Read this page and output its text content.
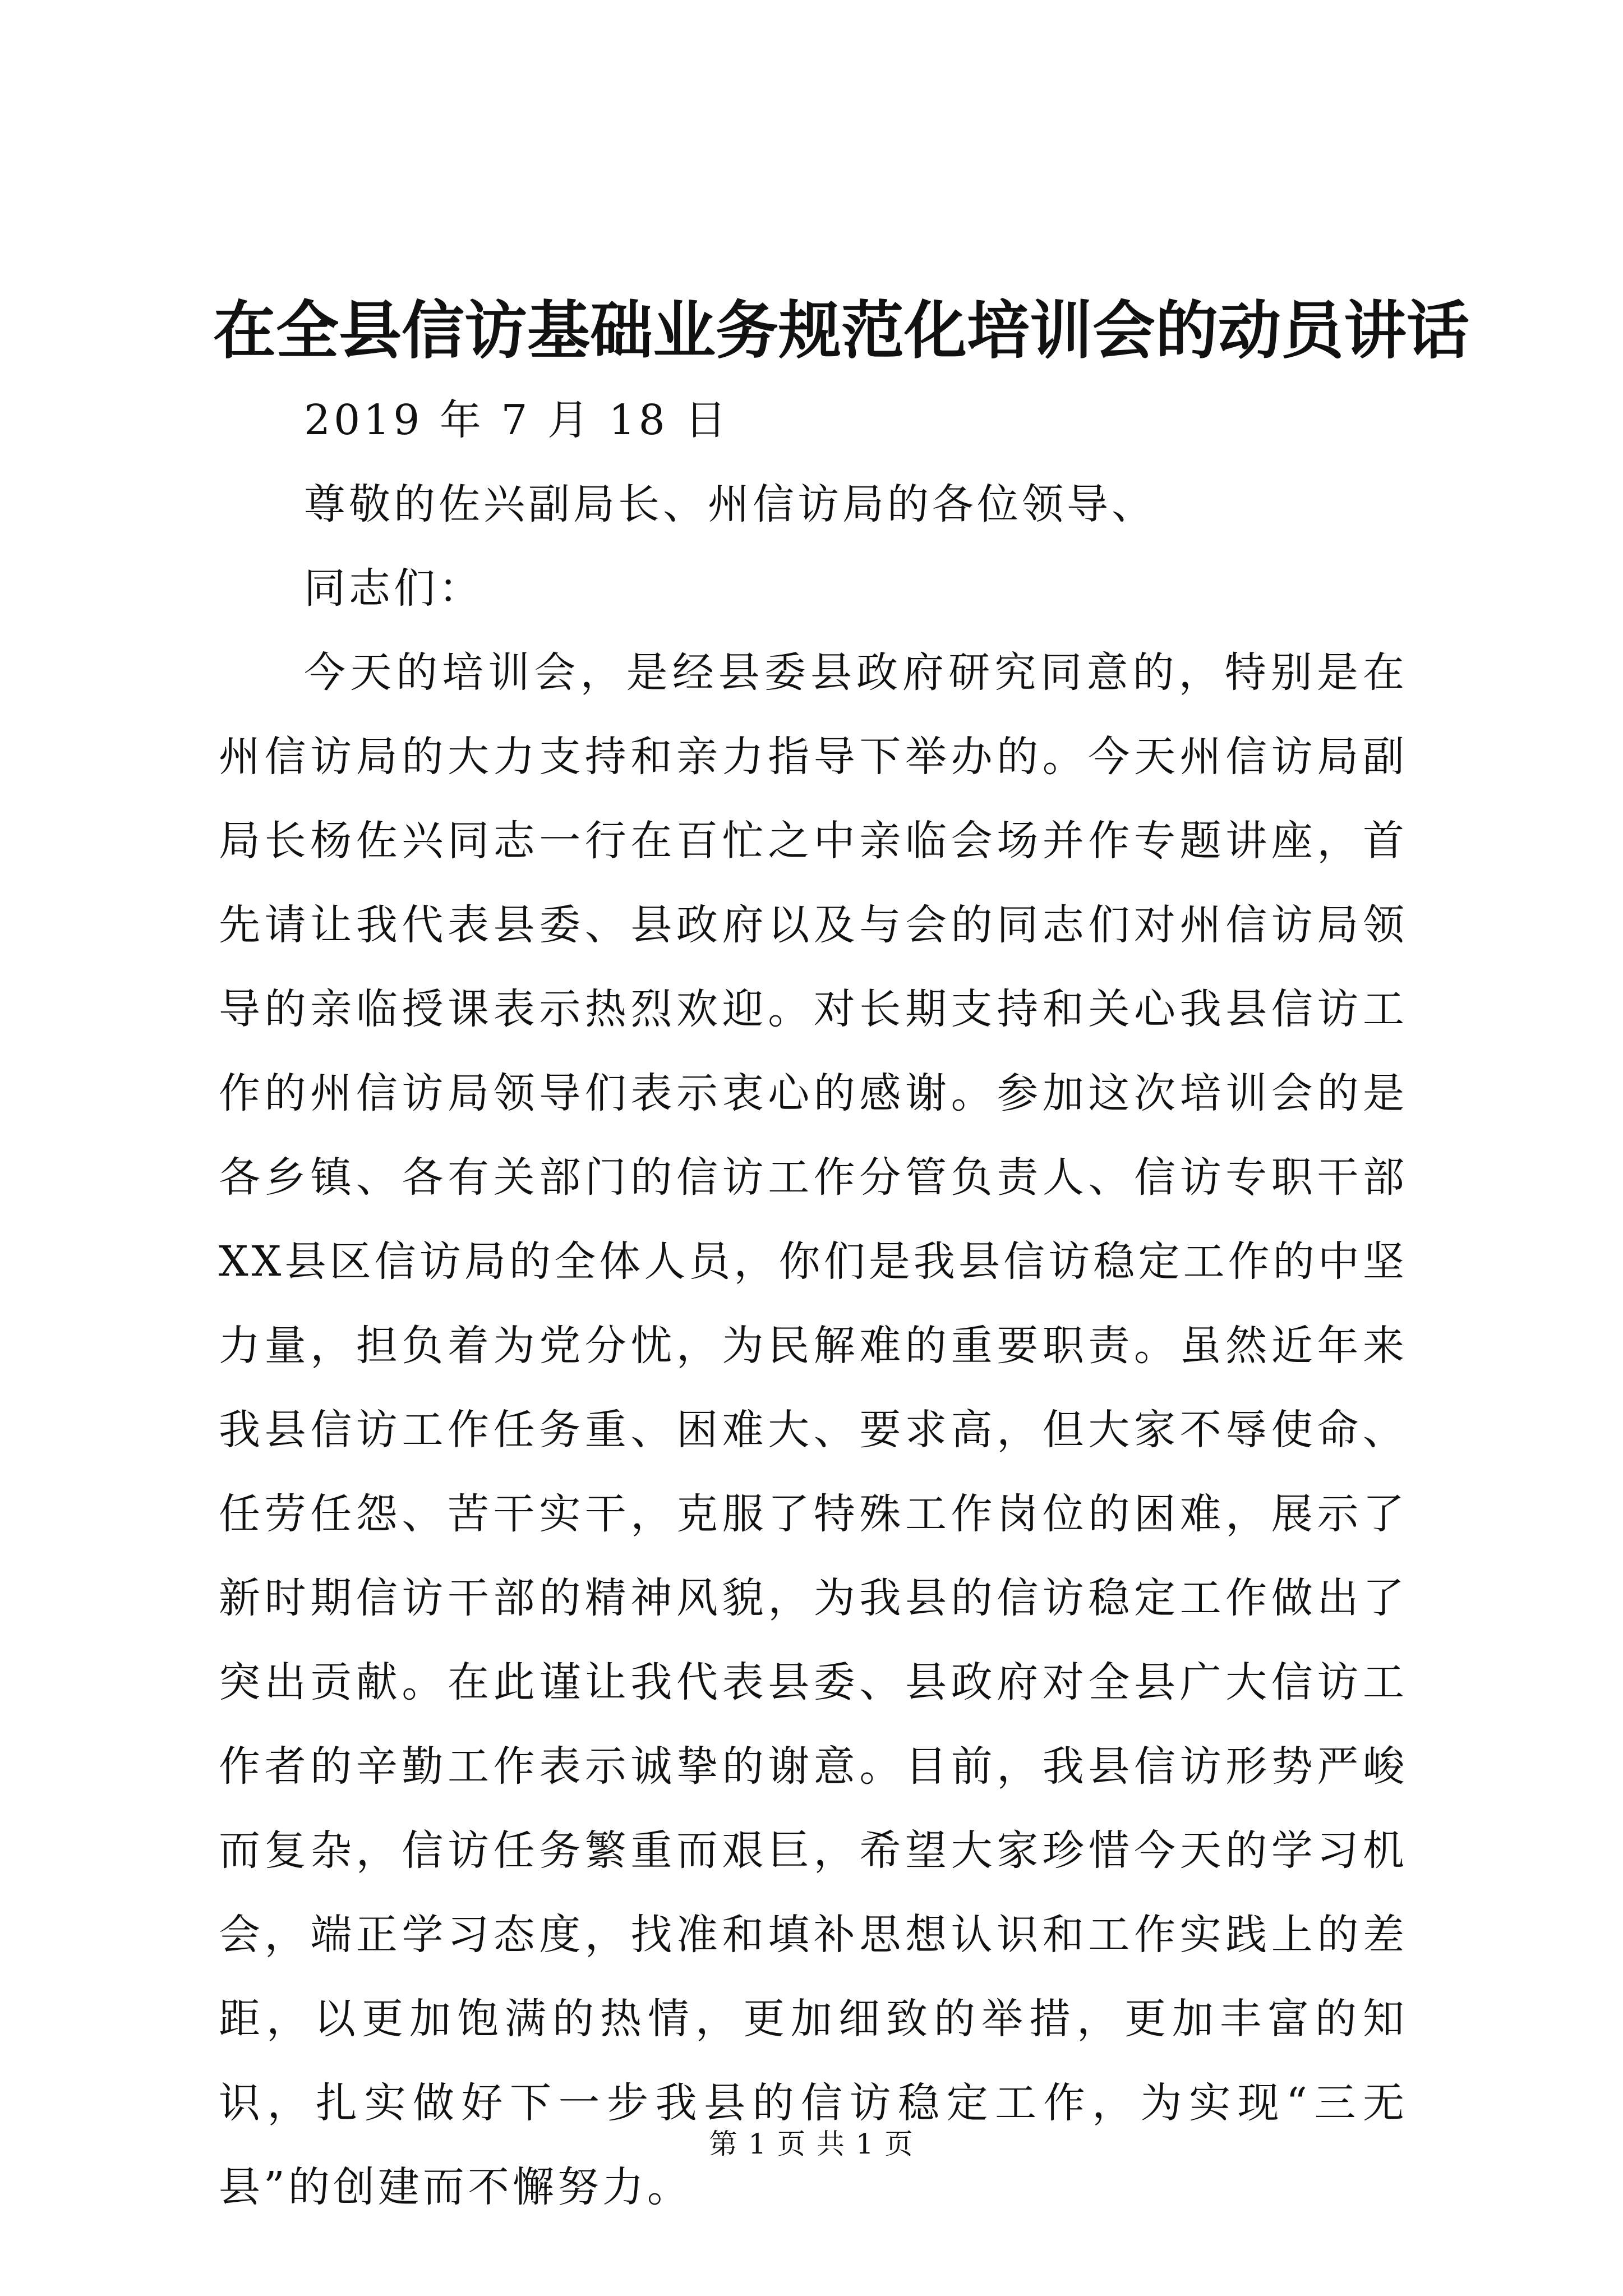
在全县信访基础业务规范化培训会的动员讲话

2019 年 7 月 18 日

尊敬的佐兴副局长、州信访局的各位领导、

同志们：

今天的培训会，是经县委县政府研究同意的，特别是在州信访局的大力支持和亲力指导下举办的。今天州信访局副局长杨佐兴同志一行在百忙之中亲临会场并作专题讲座，首先请让我代表县委、县政府以及与会的同志们对州信访局领导的亲临授课表示热烈欢迎。对长期支持和关心我县信访工作的州信访局领导们表示衷心的感谢。参加这次培训会的是各乡镇、各有关部门的信访工作分管负责人、信访专职干部XX县区信访局的全体人员，你们是我县信访稳定工作的中坚力量，担负着为党分忧，为民解难的重要职责。虽然近年来我县信访工作任务重、困难大、要求高，但大家不辱使命、任劳任怨、苦干实干，克服了特殊工作岗位的困难，展示了新时期信访干部的精神风貌，为我县的信访稳定工作做出了突出贡献。在此谨让我代表县委、县政府对全县广大信访工作者的辛勤工作表示诚挚的谢意。目前，我县信访形势严峻而复杂，信访任务繁重而艰巨，希望大家珍惜今天的学习机会，端正学习态度，找准和填补思想认识和工作实践上的差距，以更加饱满的热情，更加细致的举措，更加丰富的知识，扎实做好下一步我县的信访稳定工作，为实现“三无县”的创建而不懈努力。

第 1 页 共 1 页
